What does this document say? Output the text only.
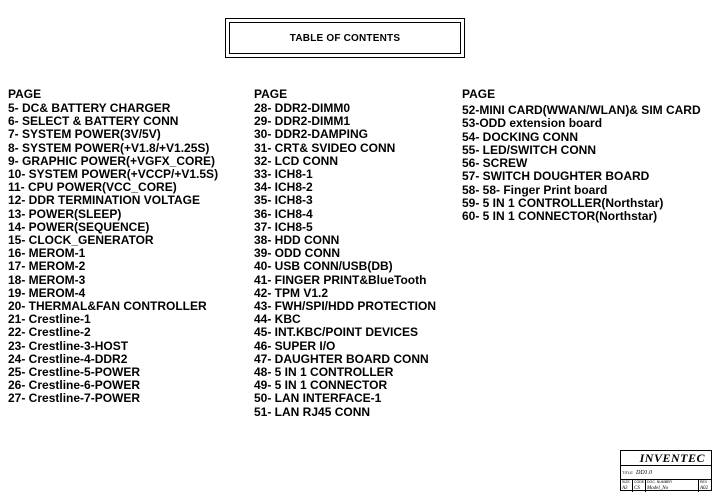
TABLE OF CONTENTS
PAGE
5- DC& BATTERY CHARGER
6- SELECT & BATTERY CONN
7- SYSTEM POWER(3V/5V)
8- SYSTEM POWER(+V1.8/+V1.25S)
9- GRAPHIC POWER(+VGFX_CORE)
10- SYSTEM POWER(+VCCP/+V1.5S)
11- CPU POWER(VCC_CORE)
12- DDR TERMINATION VOLTAGE
13- POWER(SLEEP)
14- POWER(SEQUENCE)
15- CLOCK_GENERATOR
16- MEROM-1
17- MEROM-2
18- MEROM-3
19- MEROM-4
20- THERMAL&FAN CONTROLLER
21- Crestline-1
22- Crestline-2
23- Crestline-3-HOST
24- Crestline-4-DDR2
25- Crestline-5-POWER
26- Crestline-6-POWER
27- Crestline-7-POWER
PAGE
28- DDR2-DIMM0
29- DDR2-DIMM1
30- DDR2-DAMPING
31- CRT& SVIDEO CONN
32- LCD CONN
33- ICH8-1
34- ICH8-2
35- ICH8-3
36- ICH8-4
37- ICH8-5
38- HDD CONN
39- ODD CONN
40- USB CONN/USB(DB)
41- FINGER PRINT&BlueTooth
42- TPM V1.2
43- FWH/SPI/HDD PROTECTION
44- KBC
45- INT.KBC/POINT DEVICES
46- SUPER I/O
47- DAUGHTER BOARD CONN
48- 5 IN 1 CONTROLLER
49- 5 IN 1 CONNECTOR
50- LAN INTERFACE-1
51- LAN RJ45 CONN
PAGE
52-MINI CARD(WWAN/WLAN)& SIM CARD
53-ODD extension board
54- DOCKING CONN
55- LED/SWITCH CONN
56- SCREW
57- SWITCH DOUGHTER BOARD
58- 58- Finger Print board
59- 5 IN 1 CONTROLLER(Northstar)
60- 5 IN 1 CONNECTOR(Northstar)
INVENTEC
TITLE DD1.0
SIZE
A3
CODE
CS
DOC. NUMBER
Model_No
REV
A02
